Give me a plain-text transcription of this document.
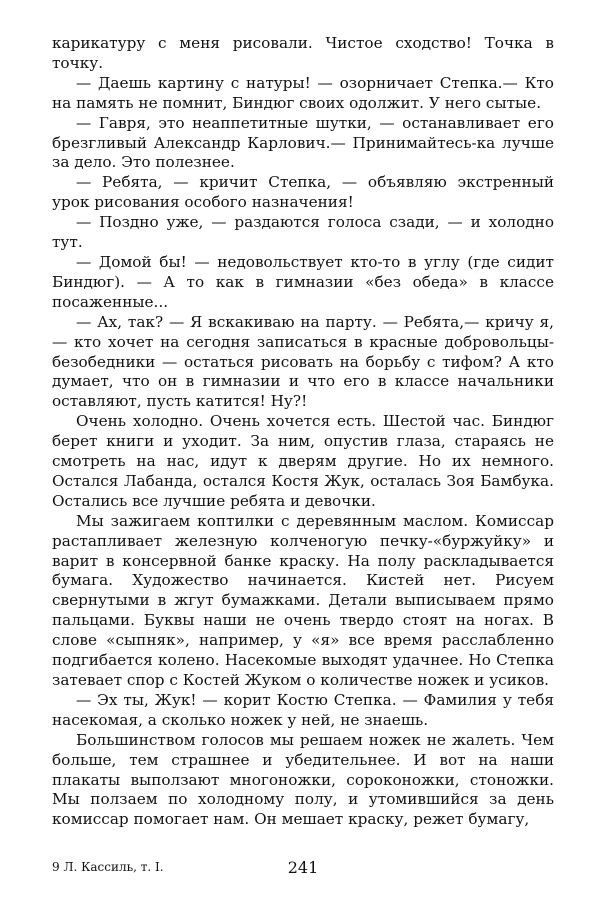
карикатуру с меня рисовали. Чистое сходство! Точка в точку.

— Даешь картину с натуры! — озорничает Степка.— Кто на память не помнит, Биндюг своих одолжит. У него сытые.

— Гавря, это неаппетитные шутки, — останавливает его брезгливый Александр Карлович.— Принимайтесь-ка лучше за дело. Это полезнее.

— Ребята, — кричит Степка, — объявляю экстренный урок рисования особого назначения!

— Поздно уже, — раздаются голоса сзади, — и холодно тут.

— Домой бы! — недовольствует кто-то в углу (где сидит Биндюг). — А то как в гимназии «без обеда» в классе посаженные...

— Ах, так? — Я вскакиваю на парту. — Ребята,— кричу я, — кто хочет на сегодня записаться в красные добровольцы-безобедники — остаться рисовать на борьбу с тифом? А кто думает, что он в гимназии и что его в классе начальники оставляют, пусть катится! Ну?!

Очень холодно. Очень хочется есть. Шестой час. Биндюг берет книги и уходит. За ним, опустив глаза, стараясь не смотреть на нас, идут к дверям другие. Но их немного. Остался Лабанда, остался Костя Жук, осталась Зоя Бамбука. Остались все лучшие ребята и девочки.

Мы зажигаем коптилки с деревянным маслом. Комиссар растапливает железную колченогую печку-«буржуйку» и варит в консервной банке краску. На полу раскладывается бумага. Художество начинается. Кистей нет. Рисуем свернутыми в жгут бумажками. Детали выписываем прямо пальцами. Буквы наши не очень твердо стоят на ногах. В слове «сыпняк», например, у «я» все время расслабленно подгибается колено. Насекомые выходят удачнее. Но Степка затевает спор с Костей Жуком о количестве ножек и усиков.

— Эх ты, Жук! — корит Костю Степка. — Фамилия у тебя насекомая, а сколько ножек у ней, не знаешь.

Большинством голосов мы решаем ножек не жалеть. Чем больше, тем страшнее и убедительнее. И вот на наши плакаты выползают многоножки, сороконожки, стоножки. Мы ползаем по холодному полу, и утомившийся за день комиссар помогает нам. Он мешает краску, режет бумагу,

9 Л. Кассиль, т. I.	241
